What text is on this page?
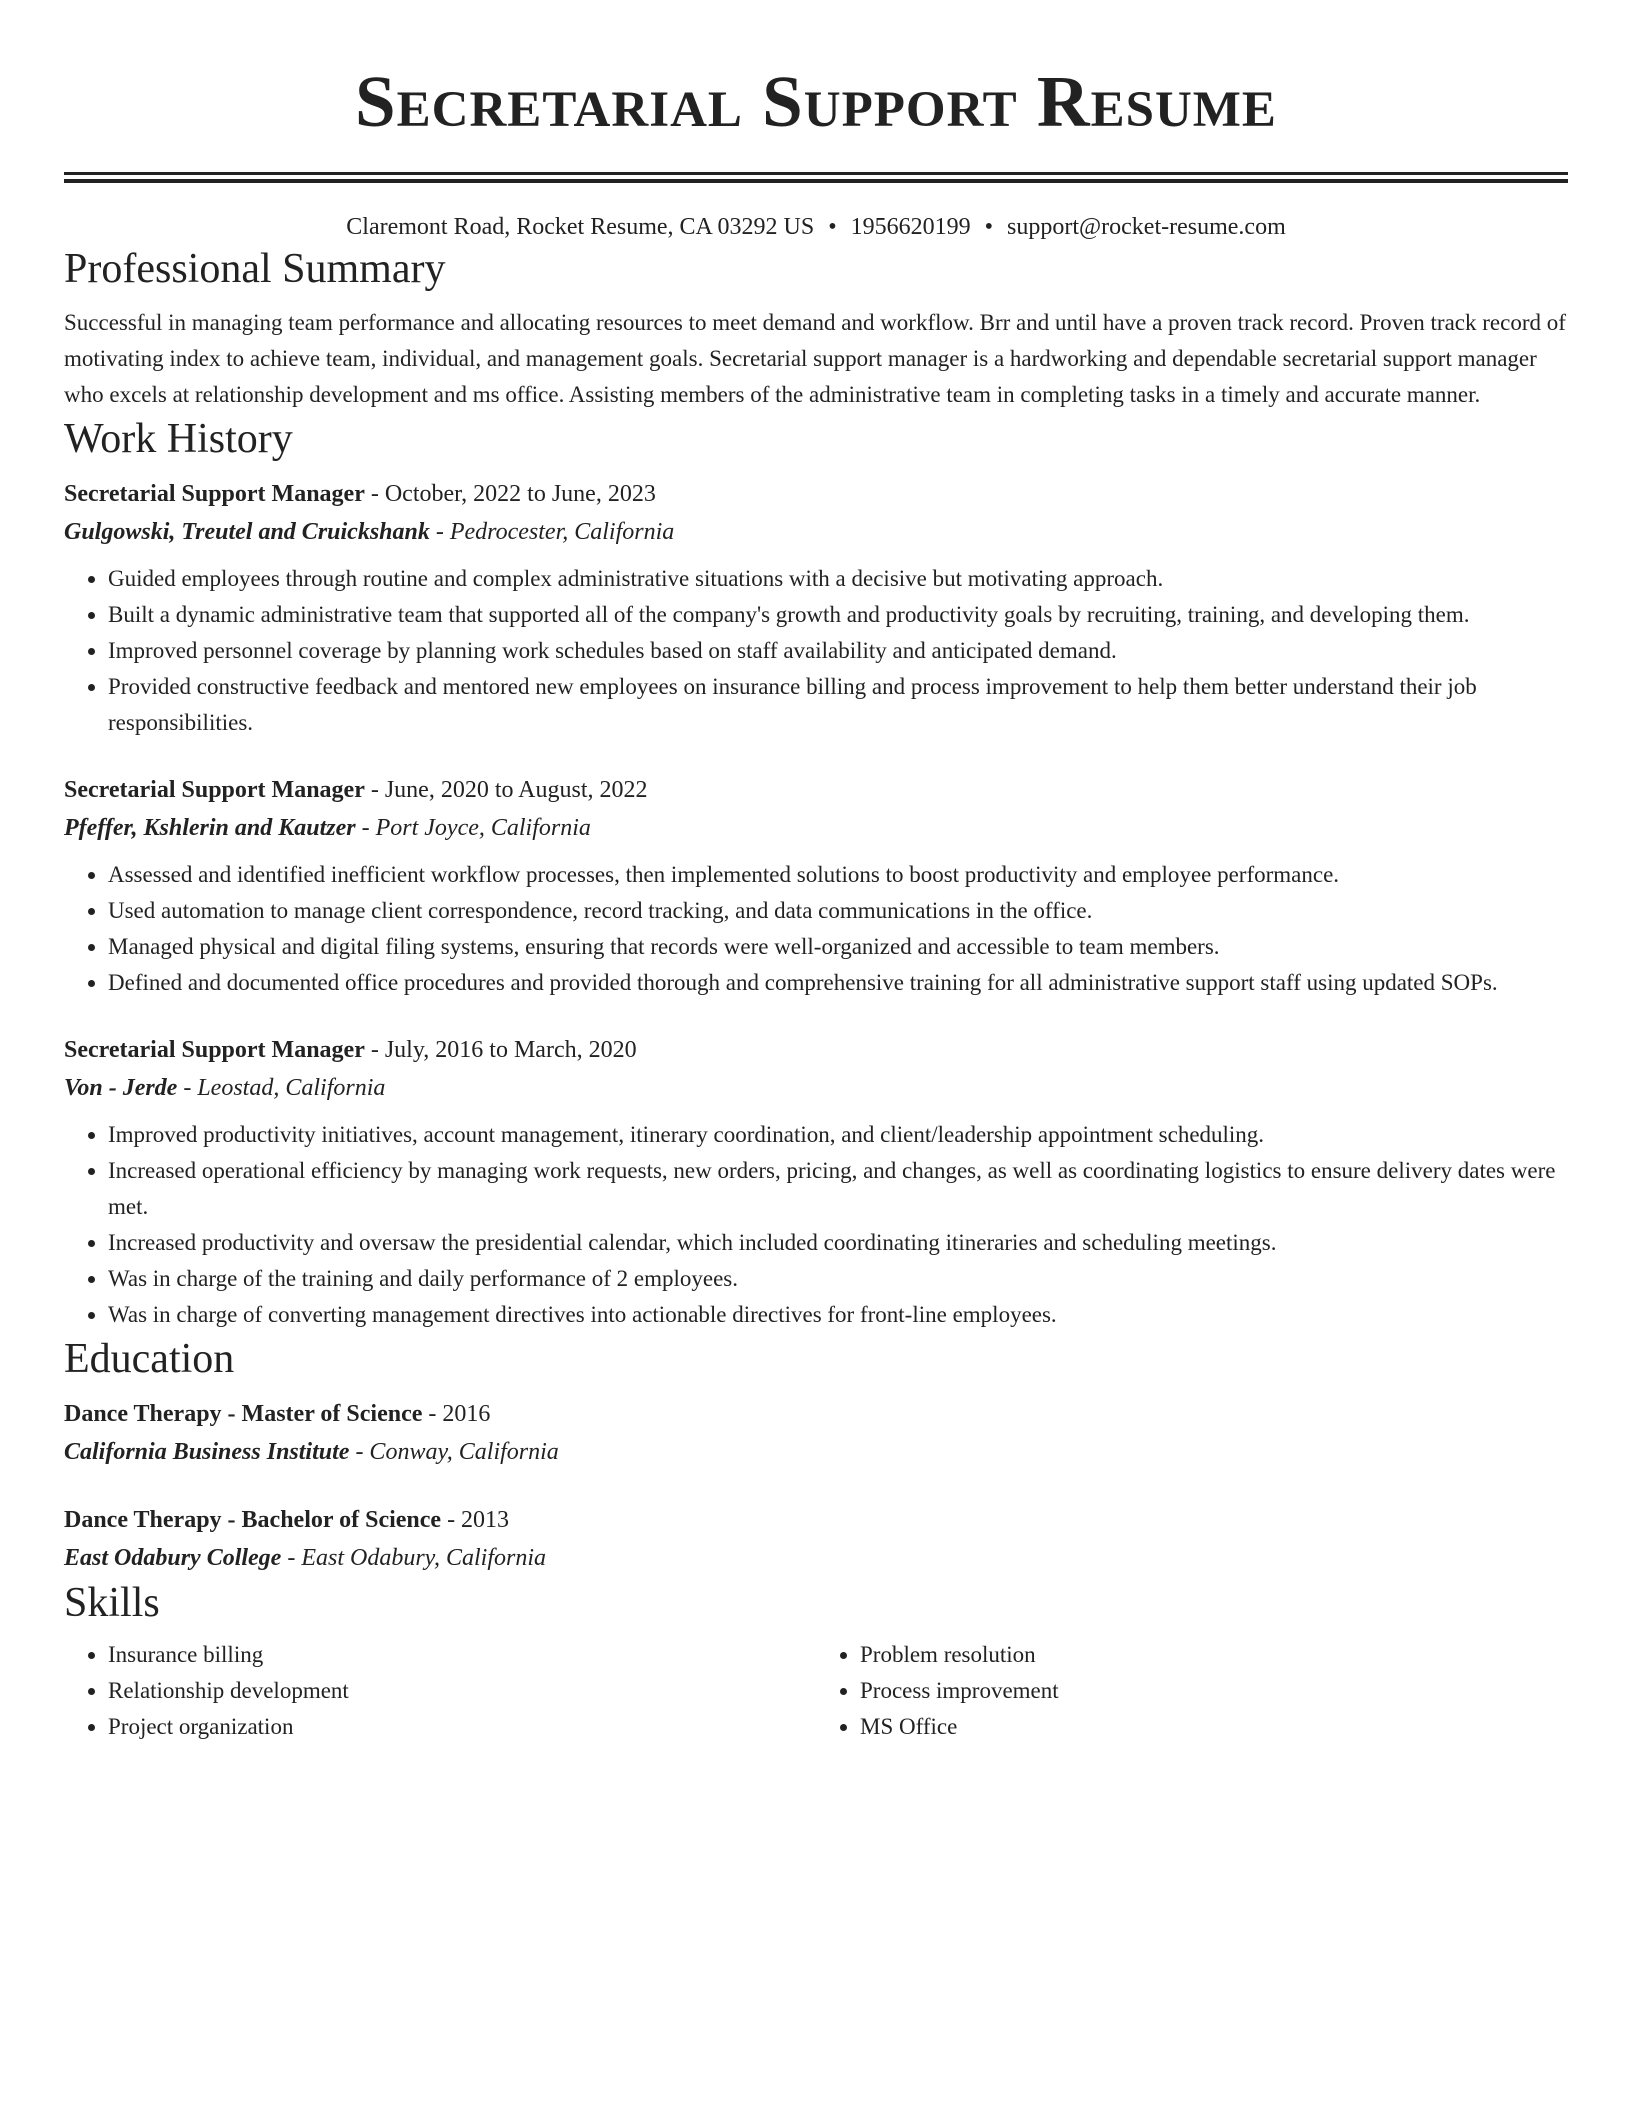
Secretarial Support Resume
Claremont Road, Rocket Resume, CA 03292 US • 1956620199 • support@rocket-resume.com
Professional Summary

Successful in managing team performance and allocating resources to meet demand and workflow. Brr and until have a proven track record. Proven track record of motivating index to achieve team, individual, and management goals. Secretarial support manager is a hardworking and dependable secretarial support manager who excels at relationship development and ms office. Assisting members of the administrative team in completing tasks in a timely and accurate manner.

Work History
Secretarial Support Manager - October, 2022 to June, 2023
Gulgowski, Treutel and Cruickshank - Pedrocester, California
• Guided employees through routine and complex administrative situations with a decisive but motivating approach.
• Built a dynamic administrative team that supported all of the company's growth and productivity goals by recruiting, training, and developing them.
• Improved personnel coverage by planning work schedules based on staff availability and anticipated demand.
• Provided constructive feedback and mentored new employees on insurance billing and process improvement to help them better understand their job responsibilities.
Secretarial Support Manager - June, 2020 to August, 2022
Pfeffer, Kshlerin and Kautzer - Port Joyce, California
• Assessed and identified inefficient workflow processes, then implemented solutions to boost productivity and employee performance.
• Used automation to manage client correspondence, record tracking, and data communications in the office.
• Managed physical and digital filing systems, ensuring that records were well-organized and accessible to team members.
• Defined and documented office procedures and provided thorough and comprehensive training for all administrative support staff using updated SOPs.
Secretarial Support Manager - July, 2016 to March, 2020
Von - Jerde - Leostad, California
• Improved productivity initiatives, account management, itinerary coordination, and client/leadership appointment scheduling.
• Increased operational efficiency by managing work requests, new orders, pricing, and changes, as well as coordinating logistics to ensure delivery dates were met.
• Increased productivity and oversaw the presidential calendar, which included coordinating itineraries and scheduling meetings.
• Was in charge of the training and daily performance of 2 employees.
• Was in charge of converting management directives into actionable directives for front-line employees.
Education
Dance Therapy - Master of Science - 2016
California Business Institute - Conway, California
Dance Therapy - Bachelor of Science - 2013
East Odabury College - East Odabury, California
Skills
• Insurance billing
• Relationship development
• Project organization
• Problem resolution
• Process improvement
• MS Office
